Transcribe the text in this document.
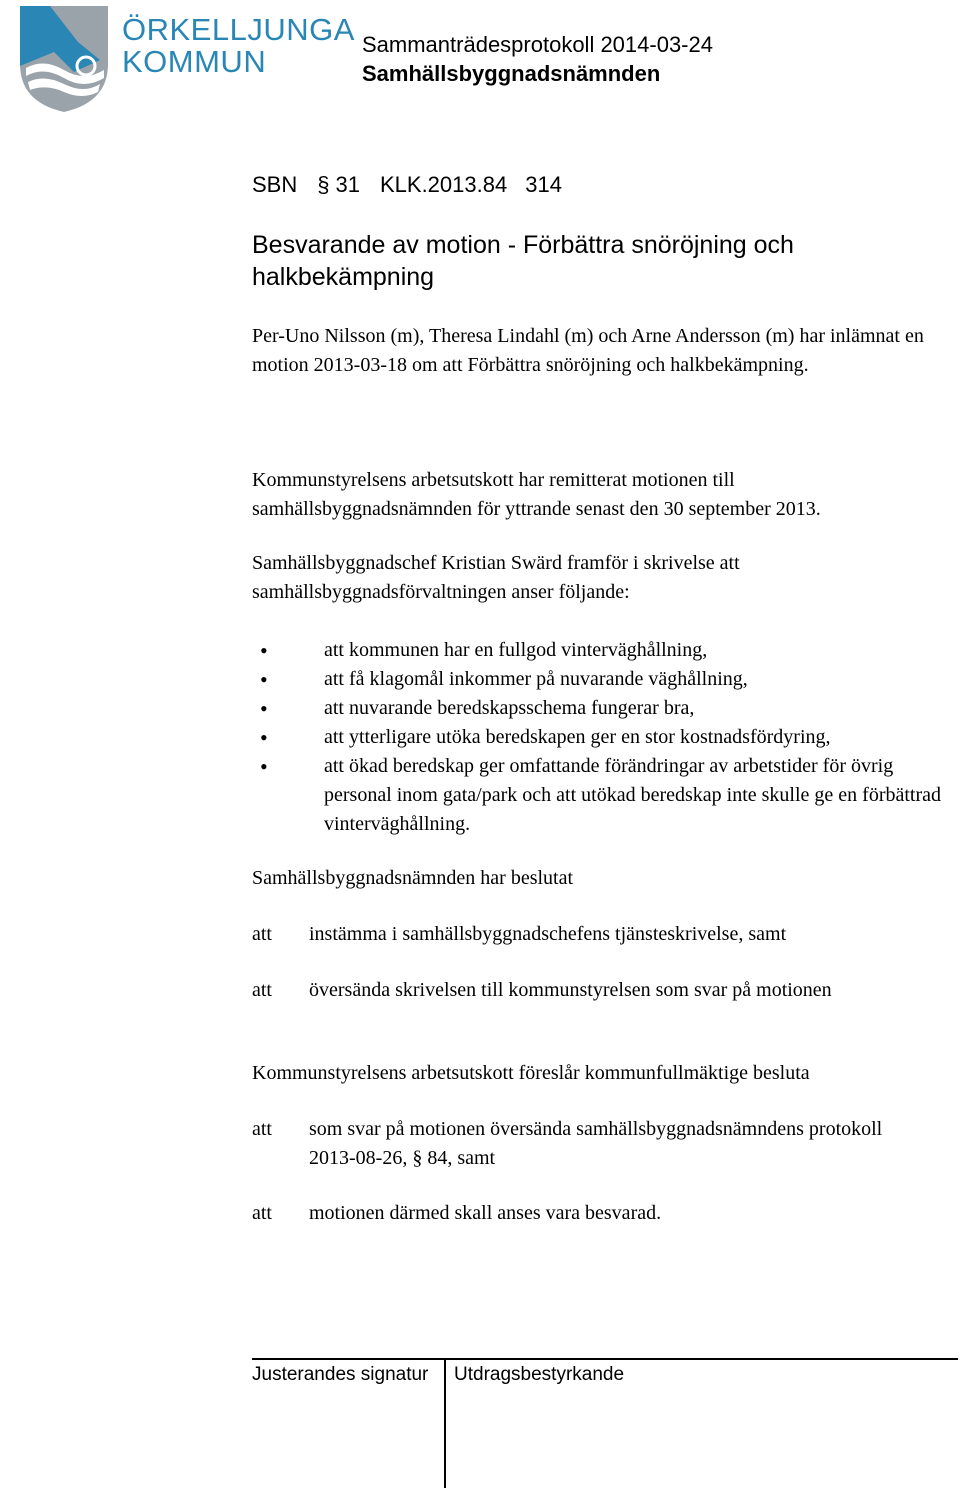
ÖRKELLJUNGA
KOMMUN	Sammanträdesprotokoll 2014-03-24
Samhällsbyggnadsnämnden
SBN § 31 KLK.2013.84 314
Besvarande av motion - Förbättra snöröjning och halkbekämpning
Per-Uno Nilsson (m), Theresa Lindahl (m) och Arne Andersson (m) har inlämnat en motion 2013-03-18 om att Förbättra snöröjning och halkbekämpning.
Kommunstyrelsens arbetsutskott har remitterat motionen till samhällsbyggnadsnämnden för yttrande senast den 30 september 2013.
Samhällsbyggnadschef Kristian Swärd framför i skrivelse att samhällsbyggnadsförvaltningen anser följande:
• att kommunen har en fullgod vinterväghållning,
• att få klagomål inkommer på nuvarande väghållning,
• att nuvarande beredskapsschema fungerar bra,
• att ytterligare utöka beredskapen ger en stor kostnadsfördyring,
• att ökad beredskap ger omfattande förändringar av arbetstider för övrig personal inom gata/park och att utökad beredskap inte skulle ge en förbättrad vinterväghållning.
Samhällsbyggnadsnämnden har beslutat
att instämma i samhällsbyggnadschefens tjänsteskrivelse, samt
att översända skrivelsen till kommunstyrelsen som svar på motionen
Kommunstyrelsens arbetsutskott föreslår kommunfullmäktige besluta
att som svar på motionen översända samhällsbyggnadsnämndens protokoll 2013-08-26, § 84, samt
att motionen därmed skall anses vara besvarad.
Justerandes signatur Utdragsbestyrkande
